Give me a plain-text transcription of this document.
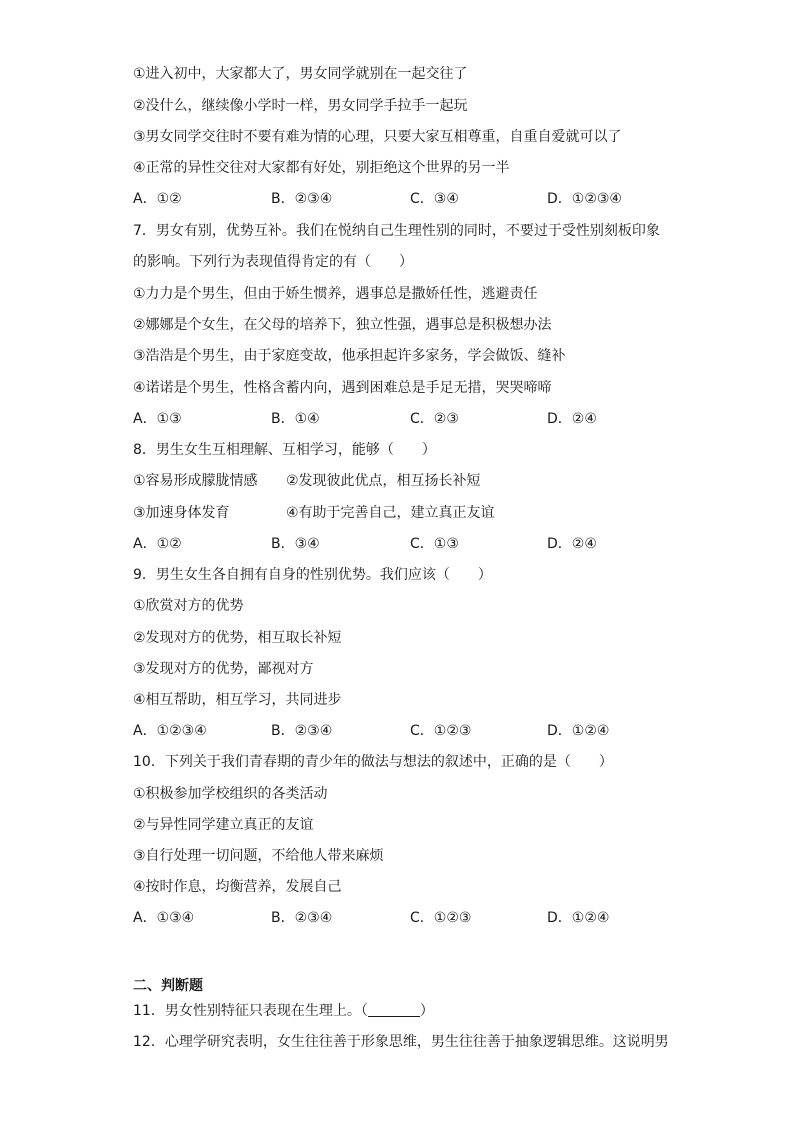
①进入初中，大家都大了，男女同学就别在一起交往了
②没什么，继续像小学时一样，男女同学手拉手一起玩
③男女同学交往时不要有难为情的心理，只要大家互相尊重，自重自爱就可以了
④正常的异性交往对大家都有好处，别拒绝这个世界的另一半
A．①②	B．②③④	C．③④	D．①②③④
7．男女有别，优势互补。我们在悦纳自己生理性别的同时，不要过于受性别刻板印象
的影响。下列行为表现值得肯定的有（　　）
①力力是个男生，但由于娇生惯养，遇事总是撒娇任性，逃避责任
②娜娜是个女生，在父母的培养下，独立性强，遇事总是积极想办法
③浩浩是个男生，由于家庭变故，他承担起许多家务，学会做饭、缝补
④诺诺是个男生，性格含蓄内向，遇到困难总是手足无措，哭哭啼啼
A．①③	B．①④	C．②③	D．②④
8．男生女生互相理解、互相学习，能够（　　）
①容易形成朦胧情感 ②发现彼此优点，相互扬长补短
③加速身体发育	④有助于完善自己，建立真正友谊
A．①②	B．③④	C．①③	D．②④
9．男生女生各自拥有自身的性别优势。我们应该（　　）
①欣赏对方的优势
②发现对方的优势，相互取长补短
③发现对方的优势，鄙视对方
④相互帮助，相互学习，共同进步
A．①②③④	B．②③④	C．①②③	D．①②④
10．下列关于我们青春期的青少年的做法与想法的叙述中，正确的是（　　）
①积极参加学校组织的各类活动
②与异性同学建立真正的友谊
③自行处理一切问题，不给他人带来麻烦
④按时作息，均衡营养，发展自己
A．①③④	B．②③④	C．①②③	D．①②④
二、判断题
11．男女性别特征只表现在生理上。（	）
12．心理学研究表明，女生往往善于形象思维，男生往往善于抽象逻辑思维。这说明男
